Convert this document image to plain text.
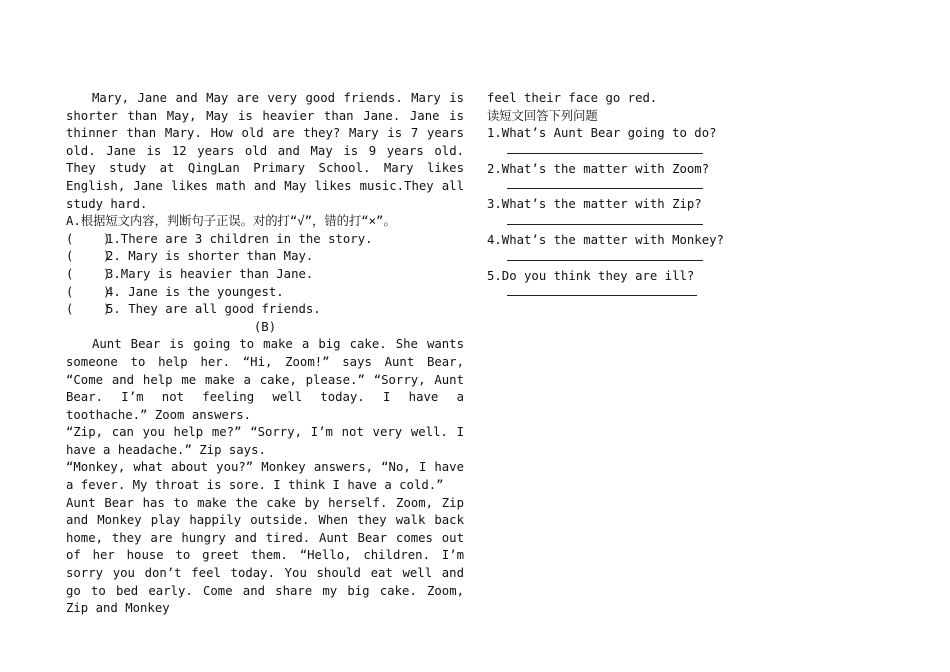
Mary, Jane and May are very good friends. Mary is shorter than May, May is heavier than Jane. Jane is thinner than Mary. How old are they? Mary is 7 years old. Jane is 12 years old and May is 9 years old. They study at QingLan Primary School. Mary likes English, Jane likes math and May likes music.They all study hard.

A.根据短文内容，判断句子正误。对的打“√”，错的打“×”。

(    )1.There are 3 children in the story.
(    )2. Mary is shorter than May.
(    )3.Mary is heavier than Jane.
(    )4. Jane is the youngest.
(    )5. They are all good friends.

(B)

Aunt Bear is going to make a big cake. She wants someone to help her. “Hi, Zoom!” says Aunt Bear, “Come and help me make a cake, please.” “Sorry, Aunt Bear. I’m not feeling well today. I have a toothache.” Zoom answers.

“Zip, can you help me?” “Sorry, I’m not very well. I have a headache.” Zip says.

“Monkey, what about you?” Monkey answers, “No, I have a fever. My throat is sore. I think I have a cold.”

Aunt Bear has to make the cake by herself. Zoom, Zip and Monkey play happily outside. When they walk back home, they are hungry and tired. Aunt Bear comes out of her house to greet them. “Hello, children. I’m sorry you don’t feel today. You should eat well and go to bed early. Come and share my big cake. Zoom, Zip and Monkey

feel their face go red.

读短文回答下列问题

1.What’s Aunt Bear going to do?

2.What’s the matter with Zoom?

3.What’s the matter with Zip?

4.What’s the matter with Monkey?

5.Do you think they are ill?
